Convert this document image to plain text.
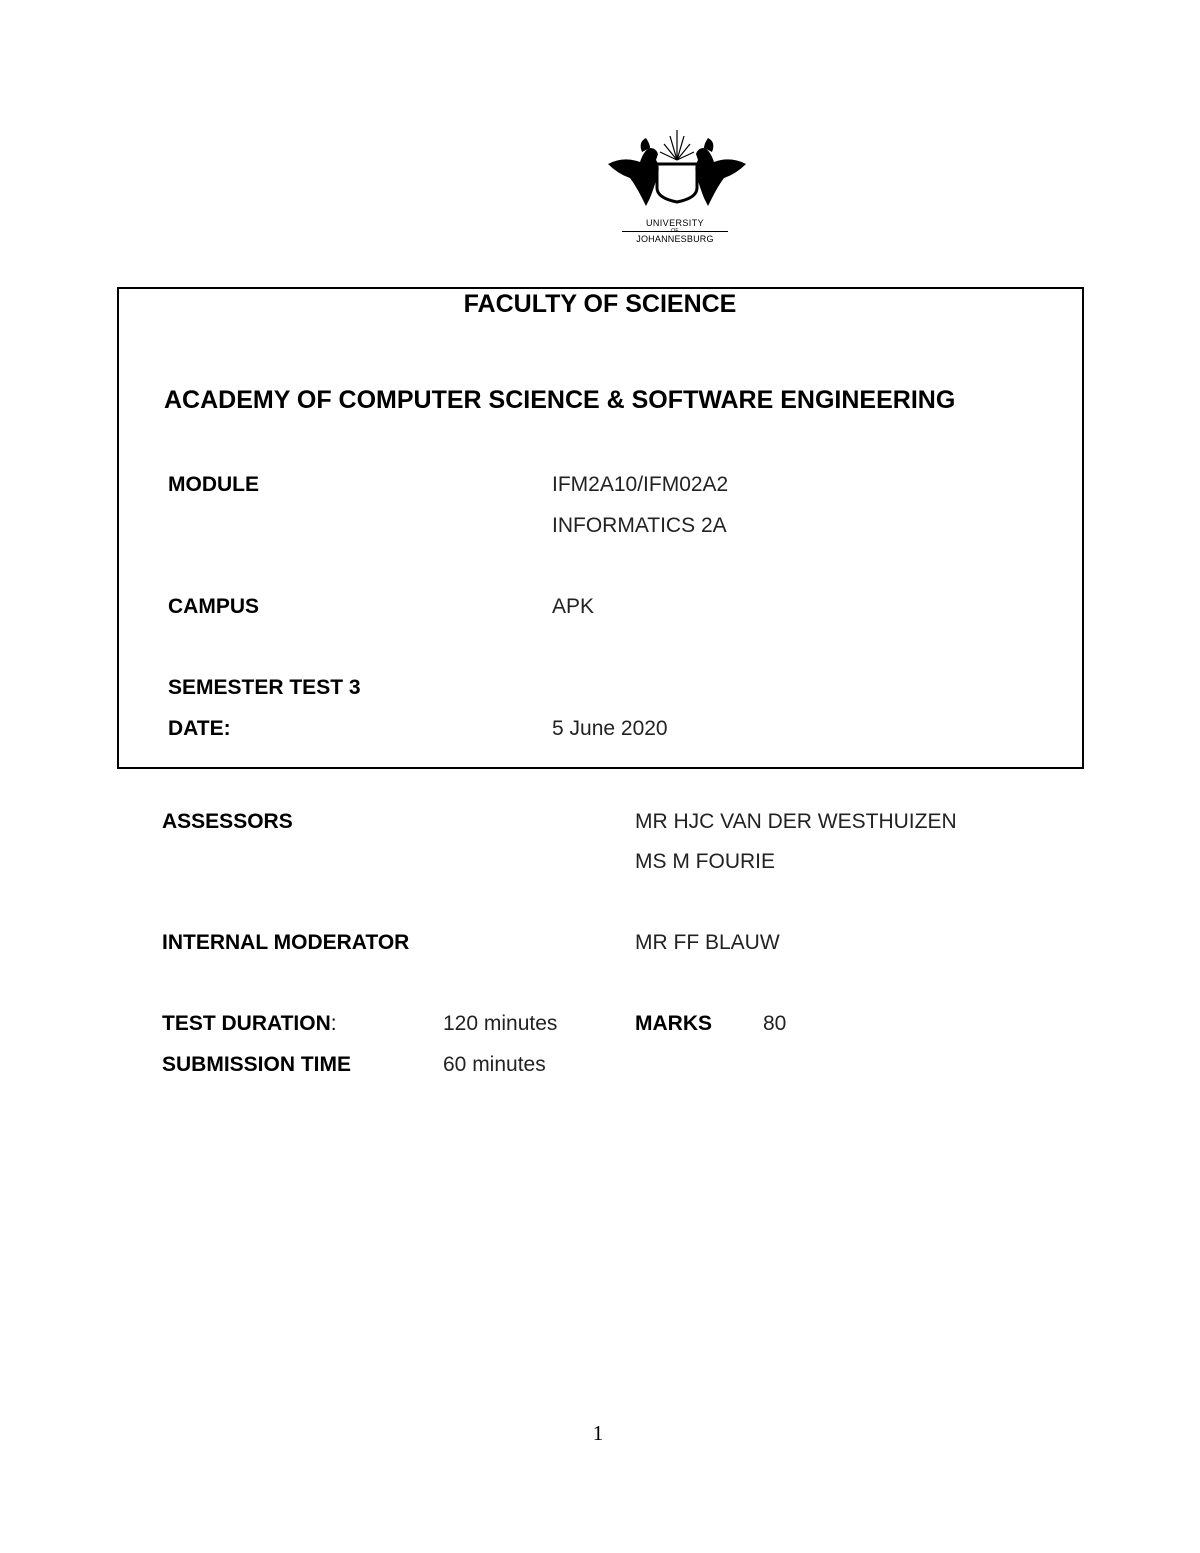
UNIVERSITY
OF
JOHANNESBURG
FACULTY OF SCIENCE
ACADEMY OF COMPUTER SCIENCE & SOFTWARE ENGINEERING
MODULE	IFM2A10/IFM02A2
INFORMATICS 2A
CAMPUS	APK
SEMESTER TEST 3
DATE:	5 June 2020
ASSESSORS	MR HJC VAN DER WESTHUIZEN
MS M FOURIE
INTERNAL MODERATOR	MR FF BLAUW
TEST DURATION:	120 minutes	MARKS 80
SUBMISSION TIME	60 minutes
1
